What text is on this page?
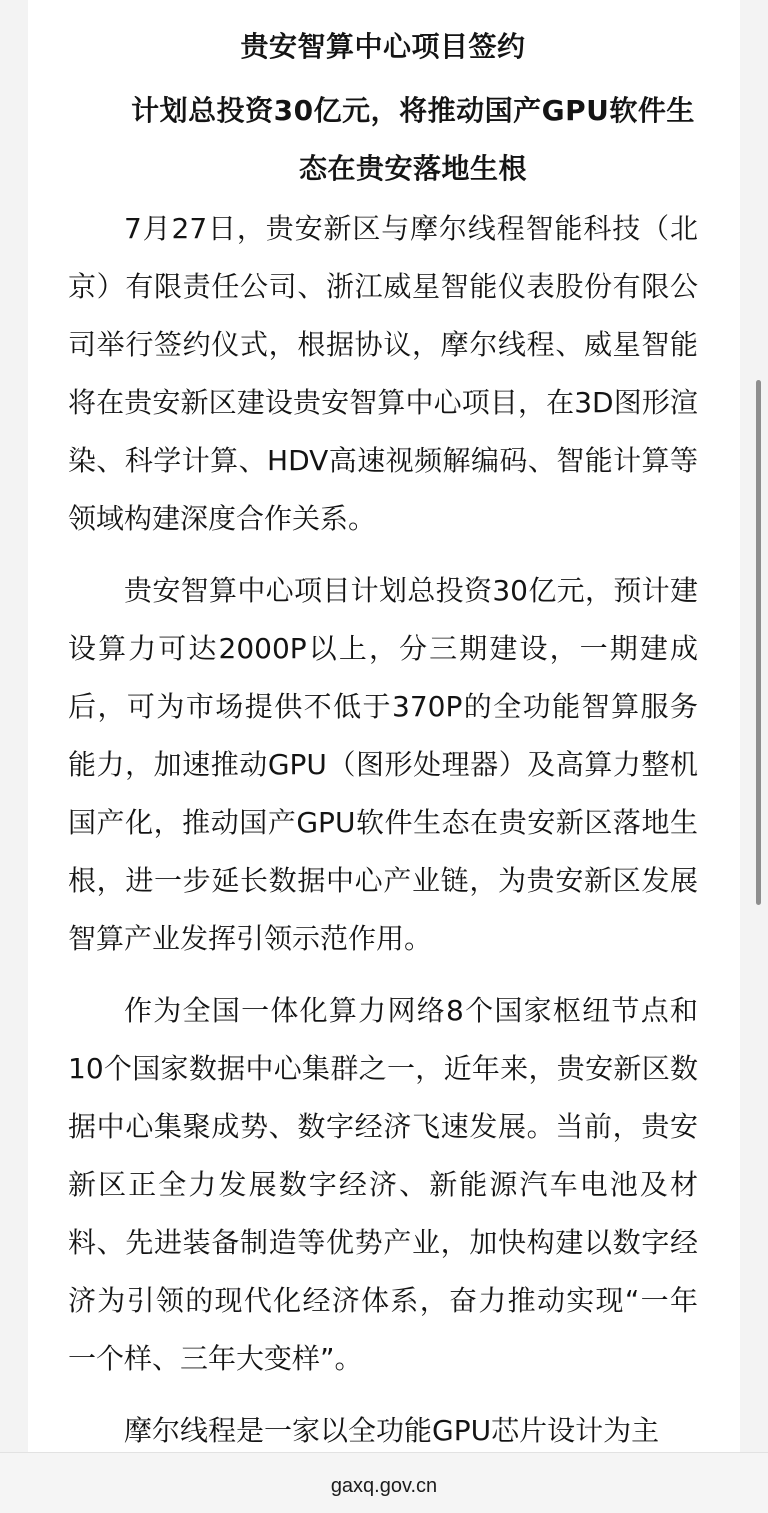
贵安智算中心项目签约
计划总投资30亿元，将推动国产GPU软件生态在贵安落地生根

7月27日，贵安新区与摩尔线程智能科技（北京）有限责任公司、浙江威星智能仪表股份有限公司举行签约仪式，根据协议，摩尔线程、威星智能将在贵安新区建设贵安智算中心项目，在3D图形渲染、科学计算、HDV高速视频解编码、智能计算等领域构建深度合作关系。

贵安智算中心项目计划总投资30亿元，预计建设算力可达2000P以上，分三期建设，一期建成后，可为市场提供不低于370P的全功能智算服务能力，加速推动GPU（图形处理器）及高算力整机国产化，推动国产GPU软件生态在贵安新区落地生根，进一步延长数据中心产业链，为贵安新区发展智算产业发挥引领示范作用。

作为全国一体化算力网络8个国家枢纽节点和10个国家数据中心集群之一，近年来，贵安新区数据中心集聚成势、数字经济飞速发展。当前，贵安新区正全力发展数字经济、新能源汽车电池及材料、先进装备制造等优势产业，加快构建以数字经济为引领的现代化经济体系，奋力推动实现“一年一个样、三年大变样”。

摩尔线程是一家以全功能GPU芯片设计为主

gaxq.gov.cn
